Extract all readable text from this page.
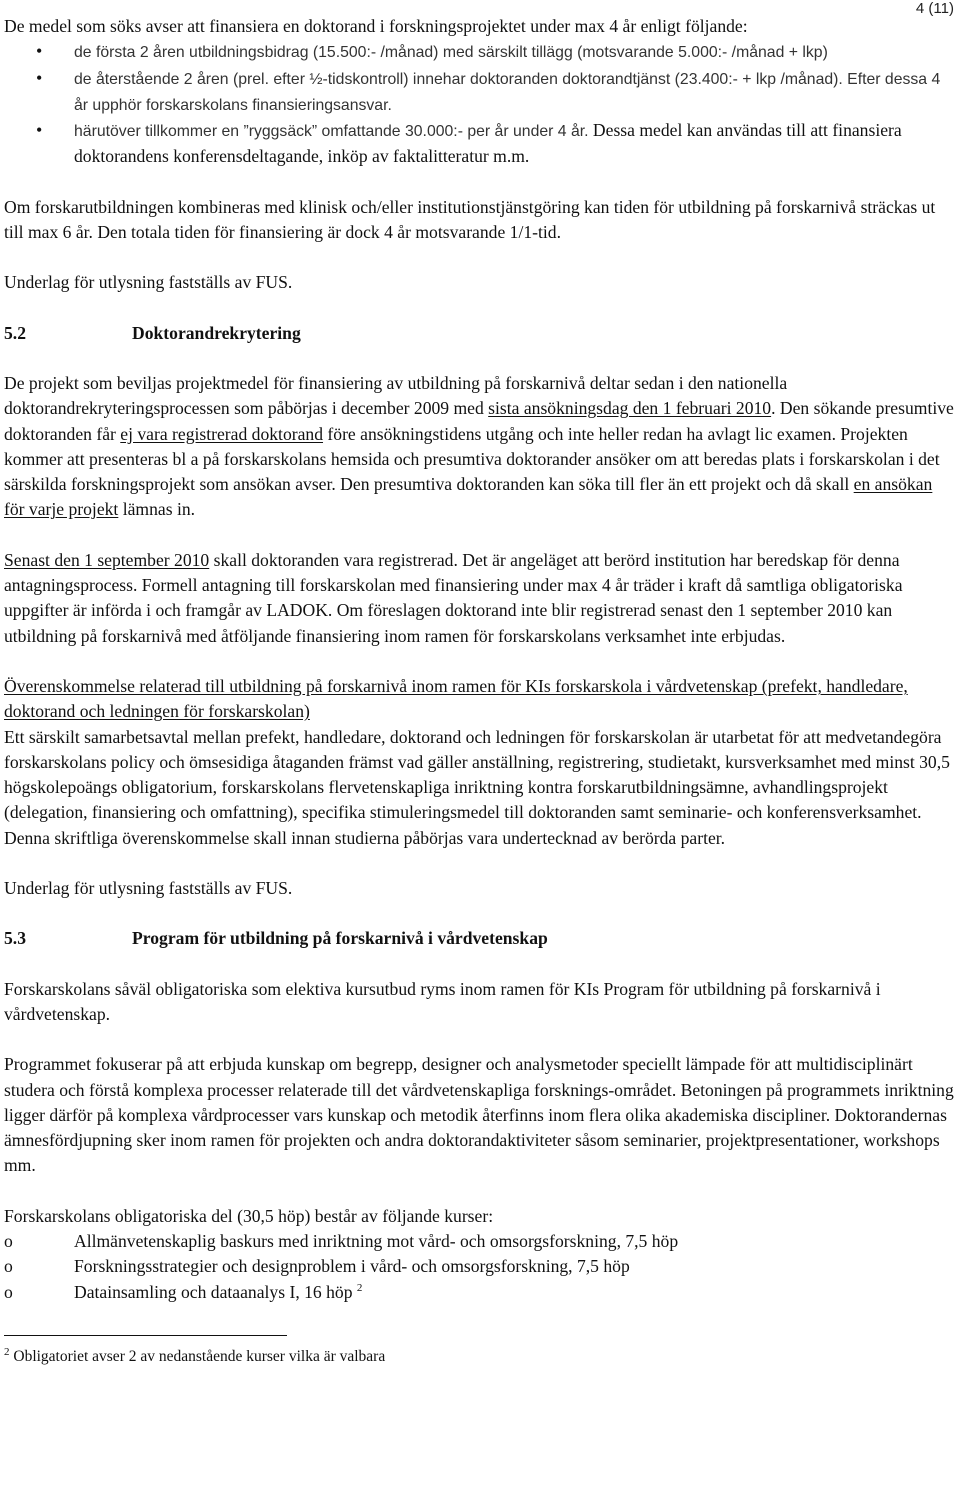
4 (11)

De medel som söks avser att finansiera en doktorand i forskningsprojektet under max 4 år enligt följande:

• de första 2 åren utbildningsbidrag (15.500:- /månad) med särskilt tillägg (motsvarande 5.000:- /månad + lkp)
• de återstående 2 åren (prel. efter ½-tidskontroll) innehar doktoranden doktorandtjänst (23.400:- + lkp /månad). Efter dessa 4 år upphör forskarskolans finansieringsansvar.
• härutöver tillkommer en ”ryggsäck” omfattande 30.000:- per år under 4 år. Dessa medel kan användas till att finansiera doktorandens konferensdeltagande, inköp av faktalitteratur m.m.

Om forskarutbildningen kombineras med klinisk och/eller institutionstjänstgöring kan tiden för utbildning på forskarnivå sträckas ut till max 6 år. Den totala tiden för finansiering är dock 4 år motsvarande 1/1-tid.

Underlag för utlysning fastställs av FUS.

5.2	Doktorandrekrytering

De projekt som beviljas projektmedel för finansiering av utbildning på forskarnivå deltar sedan i den nationella doktorandrekryteringsprocessen som påbörjas i december 2009 med sista ansökningsdag den 1 februari 2010. Den sökande presumtive doktoranden får ej vara registrerad doktorand före ansökningstidens utgång och inte heller redan ha avlagt lic examen. Projekten kommer att presenteras bl a på forskarskolans hemsida och presumtiva doktorander ansöker om att beredas plats i forskarskolan i det särskilda forskningsprojekt som ansökan avser. Den presumtiva doktoranden kan söka till fler än ett projekt och då skall en ansökan för varje projekt lämnas in.

Senast den 1 september 2010 skall doktoranden vara registrerad. Det är angeläget att berörd institution har beredskap för denna antagningsprocess. Formell antagning till forskarskolan med finansiering under max 4 år träder i kraft då samtliga obligatoriska uppgifter är införda i och framgår av LADOK. Om föreslagen doktorand inte blir registrerad senast den 1 september 2010 kan utbildning på forskarnivå med åtföljande finansiering inom ramen för forskarskolans verksamhet inte erbjudas.

Överenskommelse relaterad till utbildning på forskarnivå inom ramen för KIs forskarskola i vårdvetenskap (prefekt, handledare, doktorand och ledningen för forskarskolan)

Ett särskilt samarbetsavtal mellan prefekt, handledare, doktorand och ledningen för forskarskolan är utarbetat för att medvetandegöra forskarskolans policy och ömsesidiga åtaganden främst vad gäller anställning, registrering, studietakt, kursverksamhet med minst 30,5 högskolepoängs obligatorium, forskarskolans flervetenskapliga inriktning kontra forskarutbildningsämne, avhandlingsprojekt (delegation, finansiering och omfattning), specifika stimuleringsmedel till doktoranden samt seminarie- och konferensverksamhet. Denna skriftliga överenskommelse skall innan studierna påbörjas vara undertecknad av berörda parter.

Underlag för utlysning fastställs av FUS.

5.3	Program för utbildning på forskarnivå i vårdvetenskap

Forskarskolans såväl obligatoriska som elektiva kursutbud ryms inom ramen för KIs Program för utbildning på forskarnivå i vårdvetenskap.

Programmet fokuserar på att erbjuda kunskap om begrepp, designer och analysmetoder speciellt lämpade för att multidisciplinärt studera och förstå komplexa processer relaterade till det vårdvetenskapliga forsknings-området. Betoningen på programmets inriktning ligger därför på komplexa vårdprocesser vars kunskap och metodik återfinns inom flera olika akademiska discipliner. Doktorandernas ämnesfördjupning sker inom ramen för projekten och andra doktorandaktiviteter såsom seminarier, projektpresentationer, workshops mm.

Forskarskolans obligatoriska del (30,5 höp) består av följande kurser:

o Allmänvetenskaplig baskurs med inriktning mot vård- och omsorgsforskning, 7,5 höp
o Forskningsstrategier och designproblem i vård- och omsorgsforskning, 7,5 höp
o Datainsamling och dataanalys I, 16 höp $^2$

$^2$ Obligatoriet avser 2 av nedanstående kurser vilka är valbara
